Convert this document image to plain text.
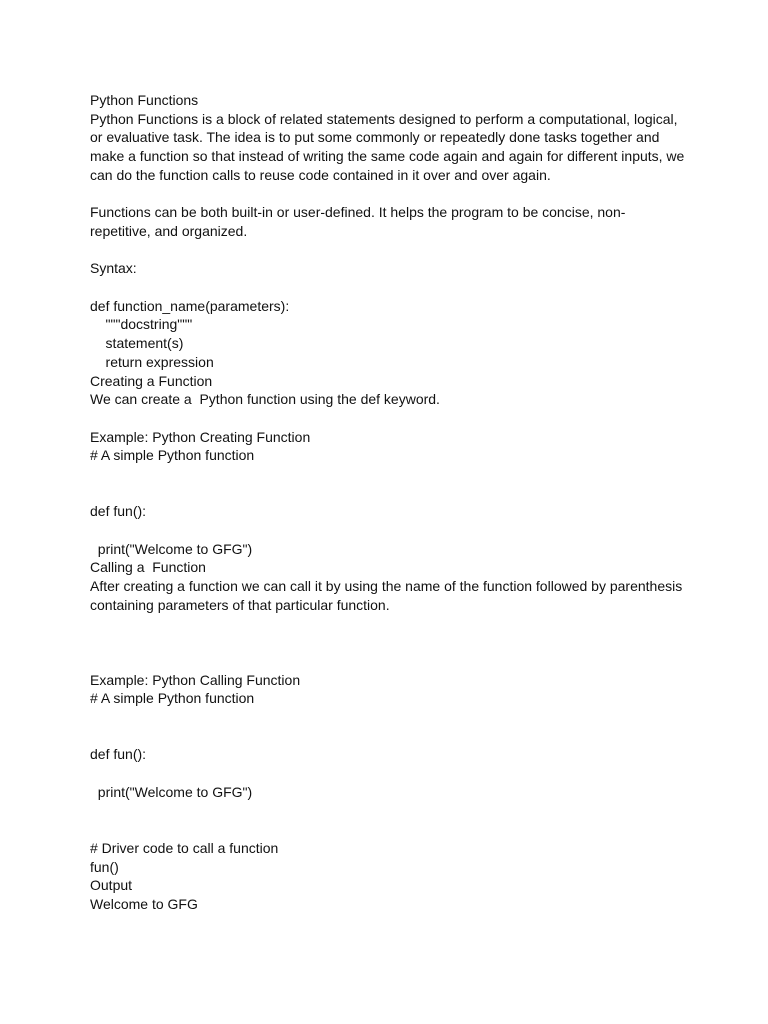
Python Functions
Python Functions is a block of related statements designed to perform a computational, logical,
or evaluative task. The idea is to put some commonly or repeatedly done tasks together and
make a function so that instead of writing the same code again and again for different inputs, we
can do the function calls to reuse code contained in it over and over again.
Functions can be both built-in or user-defined. It helps the program to be concise, non-
repetitive, and organized.
Syntax:
def function_name(parameters):
"""docstring"""
statement(s)
return expression
Creating a Function
We can create a  Python function using the def keyword.
Example: Python Creating Function
# A simple Python function
def fun():
print("Welcome to GFG")
Calling a  Function
After creating a function we can call it by using the name of the function followed by parenthesis
containing parameters of that particular function.
Example: Python Calling Function
# A simple Python function
def fun():
print("Welcome to GFG")
# Driver code to call a function
fun()
Output
Welcome to GFG
